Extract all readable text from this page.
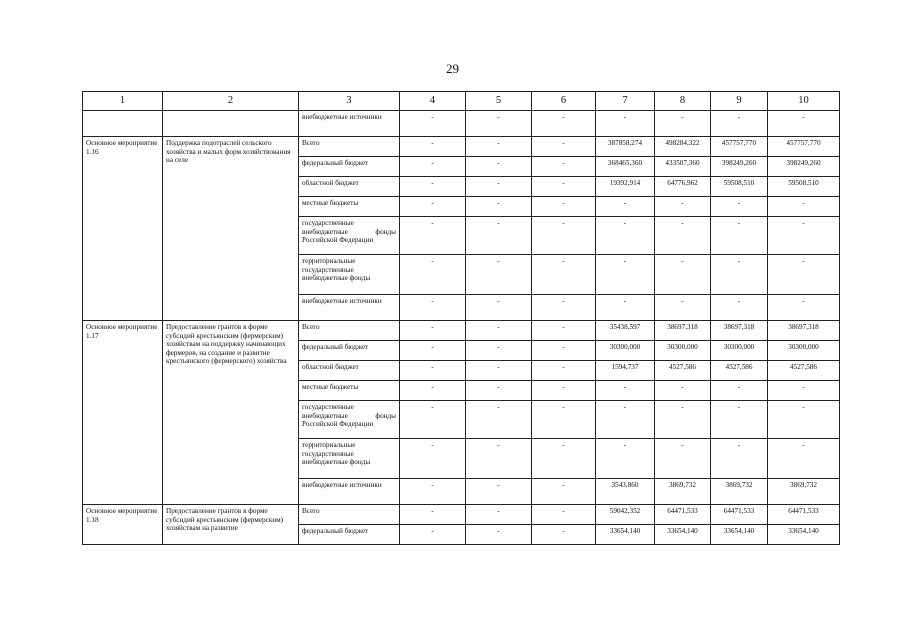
29
1	2	3	4	5	6	7	8	9	10
		внебюджетные источники	-	-	-	-	-	-	-
Основное мероприятие 1.16	Поддержка подотраслей сельского хозяйства и малых форм хозяйствования на селе	Всего	-	-	-	387858,274	498284,322	457757,770	457757,770
		федеральный бюджет	-	-	-	368465,360	433507,360	398249,260	398249,260
		областной бюджет	-	-	-	19392,914	64776,962	59508,510	59508,510
		местные бюджеты	-	-	-	-	-	-	-
		государственные внебюджетные фонды Российской Федерации	-	-	-	-	-	-	-
		территориальные государственные внебюджетные фонды	-	-	-	-	-	-	-
		внебюджетные источники	-	-	-	-	-	-	-
Основное мероприятие 1.17	Предоставление грантов в форме субсидий крестьянским (фермерским) хозяйствам на поддержку начинающих фермеров, на создание и развитие крестьянского (фермерского) хозяйства	Всего	-	-	-	35438,597	38697,318	38697,318	38697,318
		федеральный бюджет	-	-	-	30300,000	30300,000	30300,000	30300,000
		областной бюджет	-	-	-	1594,737	4527,586	4527,586	4527,586
		местные бюджеты	-	-	-	-	-	-	-
		государственные внебюджетные фонды Российской Федерации	-	-	-	-	-	-	-
		территориальные государственные внебюджетные фонды	-	-	-	-	-	-	-
		внебюджетные источники	-	-	-	3543,860	3869,732	3869,732	3869,732
Основное мероприятие 1.18	Предоставление грантов в форме субсидий крестьянским (фермерским) хозяйствам на развитие	Всего	-	-	-	59042,352	64471,533	64471,533	64471,533
		федеральный бюджет	-	-	-	33654,140	33654,140	33654,140	33654,140
